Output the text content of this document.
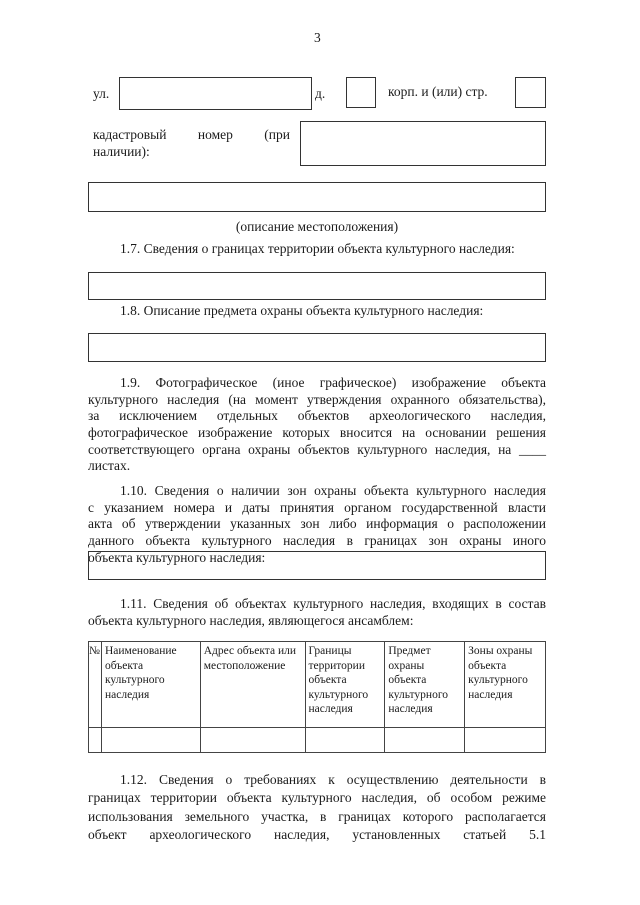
3
ул.	д.	корп. и (или) стр.
кадастровый номер (при
наличии):
(описание местоположения)
1.7. Сведения о границах территории объекта культурного наследия:
1.8. Описание предмета охраны объекта культурного наследия:
1.9. Фотографическое (иное графическое) изображение объекта
культурного наследия (на момент утверждения охранного обязательства),
за исключением отдельных объектов археологического наследия,
фотографическое изображение которых вносится на основании решения
соответствующего органа охраны объектов культурного наследия, на ____
листах.
1.10. Сведения о наличии зон охраны объекта культурного наследия
с указанием номера и даты принятия органом государственной власти
акта об утверждении указанных зон либо информация о расположении
данного объекта культурного наследия в границах зон охраны иного
объекта культурного наследия:
1.11. Сведения об объектах культурного наследия, входящих в состав
объекта культурного наследия, являющегося ансамблем:
№	Наименование объекта культурного наследия	Адрес объекта или местоположение	Границы территории объекта культурного наследия	Предмет охраны объекта культурного наследия	Зоны охраны объекта культурного наследия

1.12. Сведения о требованиях к осуществлению деятельности в
границах территории объекта культурного наследия, об особом режиме
использования земельного участка, в границах которого располагается
объект археологического наследия, установленных статьей 5.1
